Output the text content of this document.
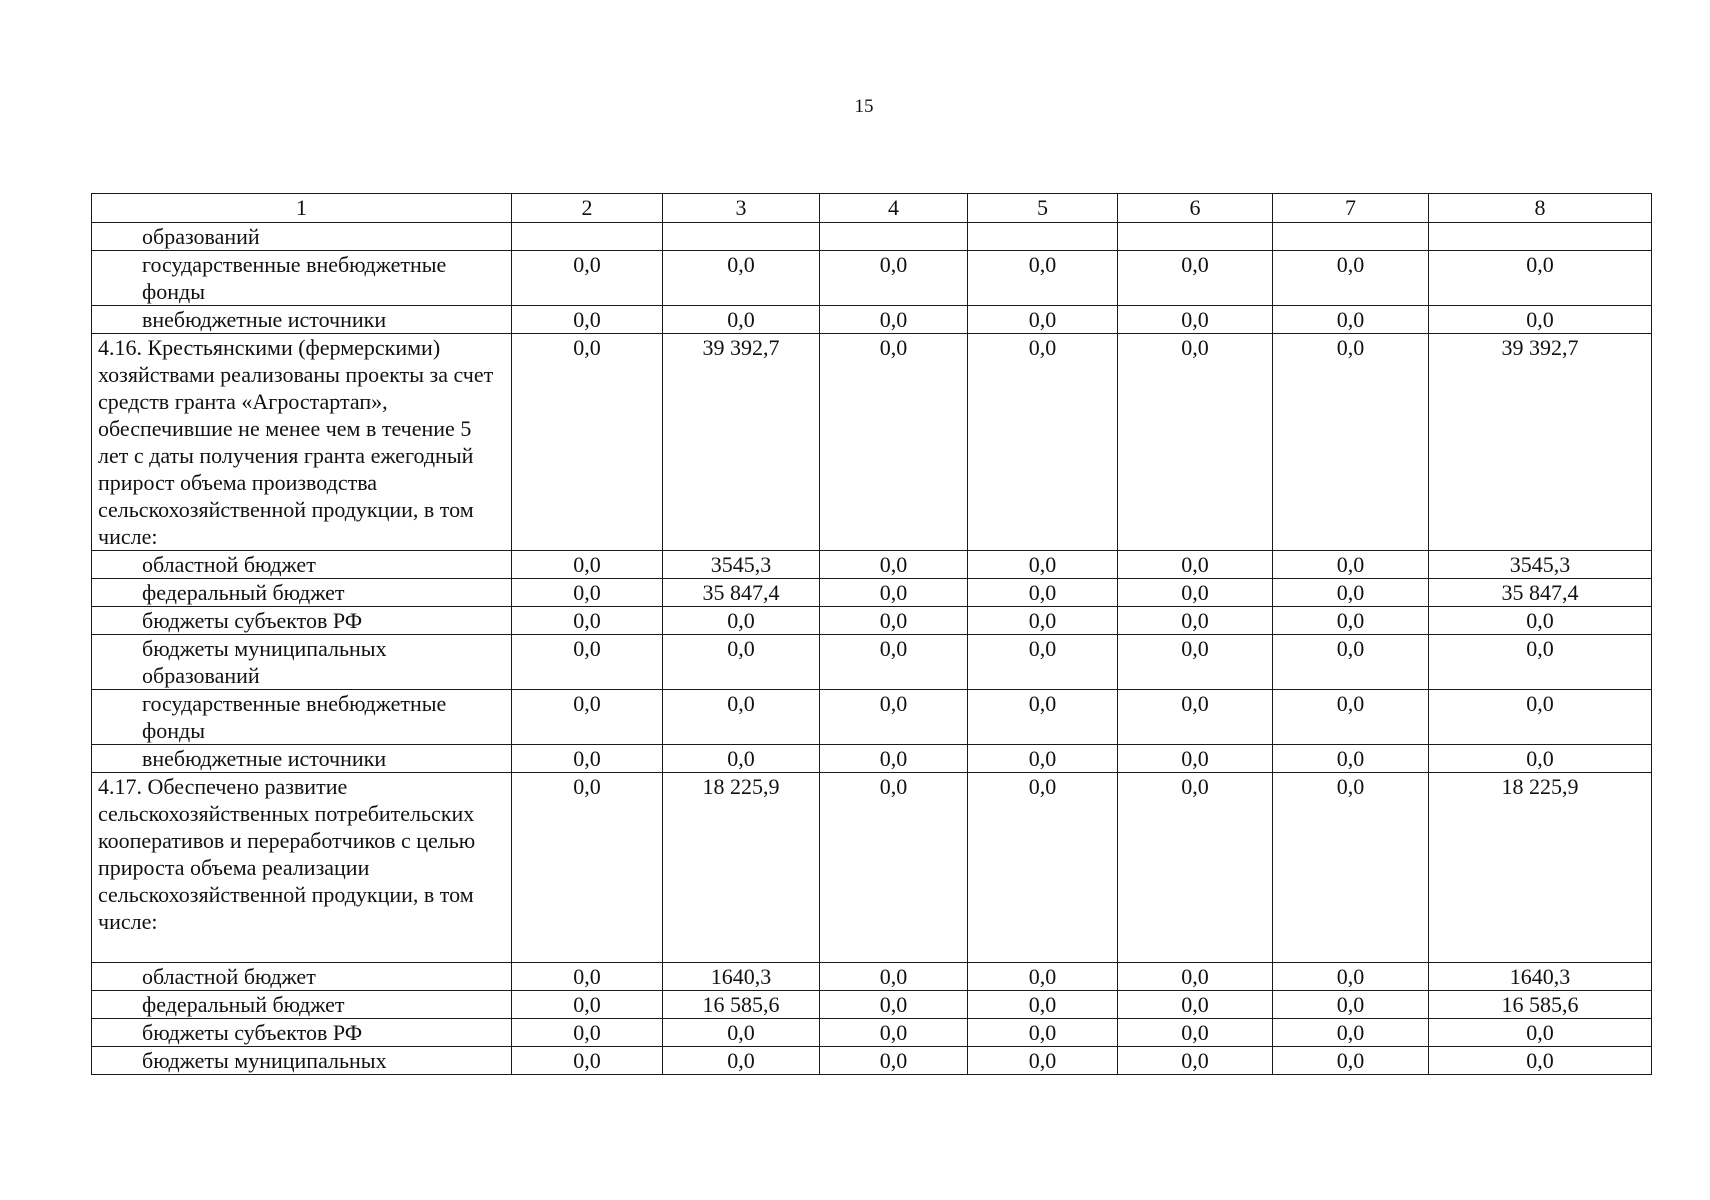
15
1	2	3	4	5	6	7	8
образований							
государственные внебюджетные фонды	0,0	0,0	0,0	0,0	0,0	0,0	0,0
внебюджетные источники	0,0	0,0	0,0	0,0	0,0	0,0	0,0
4.16. Крестьянскими (фермерскими) хозяйствами реализованы проекты за счет средств гранта «Агростартап», обеспечившие не менее чем в течение 5 лет с даты получения гранта ежегодный прирост объема производства сельскохозяйственной продукции, в том числе:	0,0	39 392,7	0,0	0,0	0,0	0,0	39 392,7
областной бюджет	0,0	3545,3	0,0	0,0	0,0	0,0	3545,3
федеральный бюджет	0,0	35 847,4	0,0	0,0	0,0	0,0	35 847,4
бюджеты субъектов РФ	0,0	0,0	0,0	0,0	0,0	0,0	0,0
бюджеты муниципальных образований	0,0	0,0	0,0	0,0	0,0	0,0	0,0
государственные внебюджетные фонды	0,0	0,0	0,0	0,0	0,0	0,0	0,0
внебюджетные источники	0,0	0,0	0,0	0,0	0,0	0,0	0,0
4.17. Обеспечено развитие сельскохозяйственных потребительских кооперативов и переработчиков с целью прироста объема реализации сельскохозяйственной продукции, в том числе:	0,0	18 225,9	0,0	0,0	0,0	0,0	18 225,9
областной бюджет	0,0	1640,3	0,0	0,0	0,0	0,0	1640,3
федеральный бюджет	0,0	16 585,6	0,0	0,0	0,0	0,0	16 585,6
бюджеты субъектов РФ	0,0	0,0	0,0	0,0	0,0	0,0	0,0
бюджеты муниципальных	0,0	0,0	0,0	0,0	0,0	0,0	0,0
